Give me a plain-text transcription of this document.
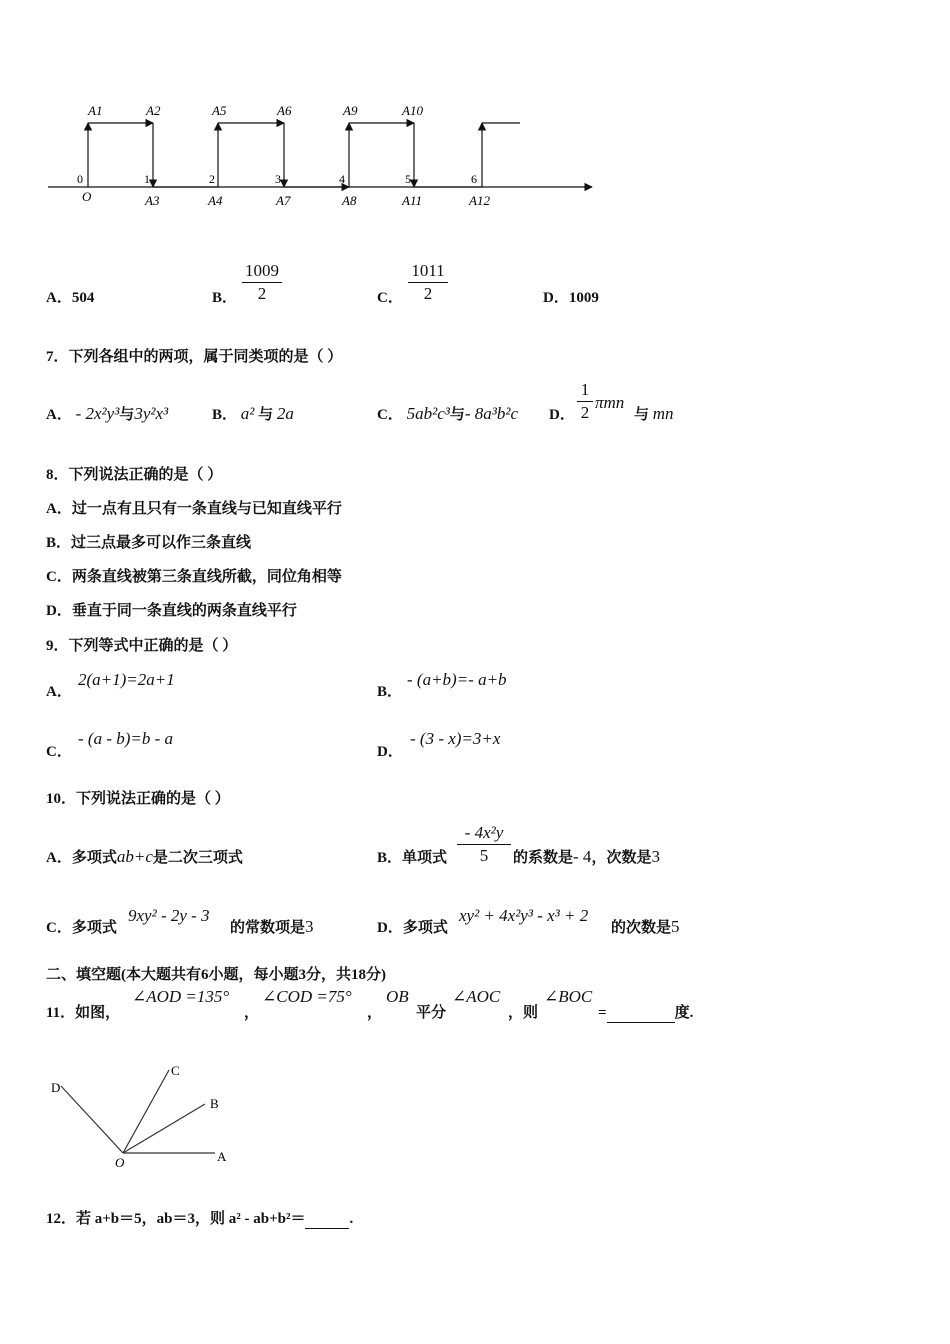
A1	A2	A5	A6	A9	A10
0	1	2	3	4	5	6
O	A3	A4	A7	A8	A11	A12
A．504	B．
1009
2	C．
1011
2	D．1009
7．下列各组中的两项，属于同类项的是（ ）
A． - 2x²y³与3y²x³	B． a² 与 2a	C． 5ab²c³与- 8a³b²c D．
1
2
πmn
与 mn
8．下列说法正确的是（ ）
A．过一点有且只有一条直线与已知直线平行
B．过三点最多可以作三条直线
C．两条直线被第三条直线所截，同位角相等
D．垂直于同一条直线的两条直线平行
9．下列等式中正确的是（ ）
A．
2(a+1)=2a+1
B．
- (a+b)=- a+b
C．
- (a - b)=b - a
D．
- (3 - x)=3+x
10．下列说法正确的是（ ）
A．多项式ab+c是二次三项式	B．单项式
- 4x²y
5	的系数是- 4，次数是3
C．多项式
9xy² - 2y - 3
的常数项是3	D．多项式
xy² + 4x²y³ - x³ + 2
的次数是5
二、填空题(本大题共有6小题，每小题3分，共18分)
11．如图，
∠AOD =135°
，
∠COD =75°
，
OB
平分
∠AOC
，则
∠BOC
=	度.
D
C
B
A
O
12．若 a+b＝5，ab＝3，则 a² - ab+b²＝	.
